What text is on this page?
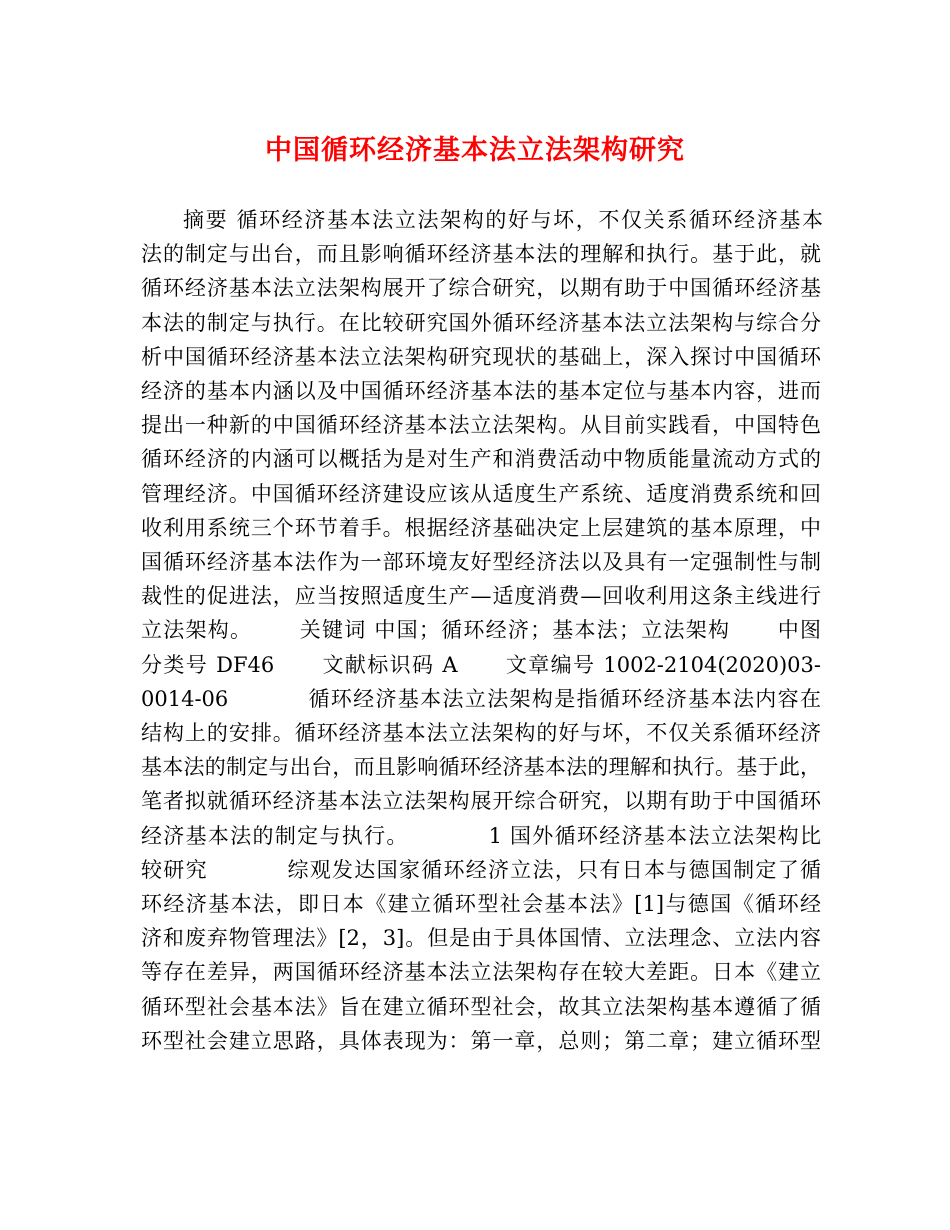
中国循环经济基本法立法架构研究

摘要 循环经济基本法立法架构的好与坏，不仅关系循环经济基本

法的制定与出台，而且影响循环经济基本法的理解和执行。基于此，就

循环经济基本法立法架构展开了综合研究，以期有助于中国循环经济基

本法的制定与执行。在比较研究国外循环经济基本法立法架构与综合分

析中国循环经济基本法立法架构研究现状的基础上，深入探讨中国循环

经济的基本内涵以及中国循环经济基本法的基本定位与基本内容，进而

提出一种新的中国循环经济基本法立法架构。从目前实践看，中国特色

循环经济的内涵可以概括为是对生产和消费活动中物质能量流动方式的

管理经济。中国循环经济建设应该从适度生产系统、适度消费系统和回

收利用系统三个环节着手。根据经济基础决定上层建筑的基本原理，中

国循环经济基本法作为一部环境友好型经济法以及具有一定强制性与制

裁性的促进法，应当按照适度生产—适度消费—回收利用这条主线进行

立法架构。      关键词 中国；循环经济；基本法；立法架构      中图

分类号 DF46      文献标识码 A      文章编号 1002-2104(2020)03-

0014-06          循环经济基本法立法架构是指循环经济基本法内容在

结构上的安排。循环经济基本法立法架构的好与坏，不仅关系循环经济

基本法的制定与出台，而且影响循环经济基本法的理解和执行。基于此，

笔者拟就循环经济基本法立法架构展开综合研究，以期有助于中国循环

经济基本法的制定与执行。          1 国外循环经济基本法立法架构比

较研究          综观发达国家循环经济立法，只有日本与德国制定了循

环经济基本法，即日本《建立循环型社会基本法》[1]与德国《循环经

济和废弃物管理法》[2，3]。但是由于具体国情、立法理念、立法内容

等存在差异，两国循环经济基本法立法架构存在较大差距。日本《建立

循环型社会基本法》旨在建立循环型社会，故其立法架构基本遵循了循

环型社会建立思路，具体表现为：第一章，总则；第二章；建立循环型
